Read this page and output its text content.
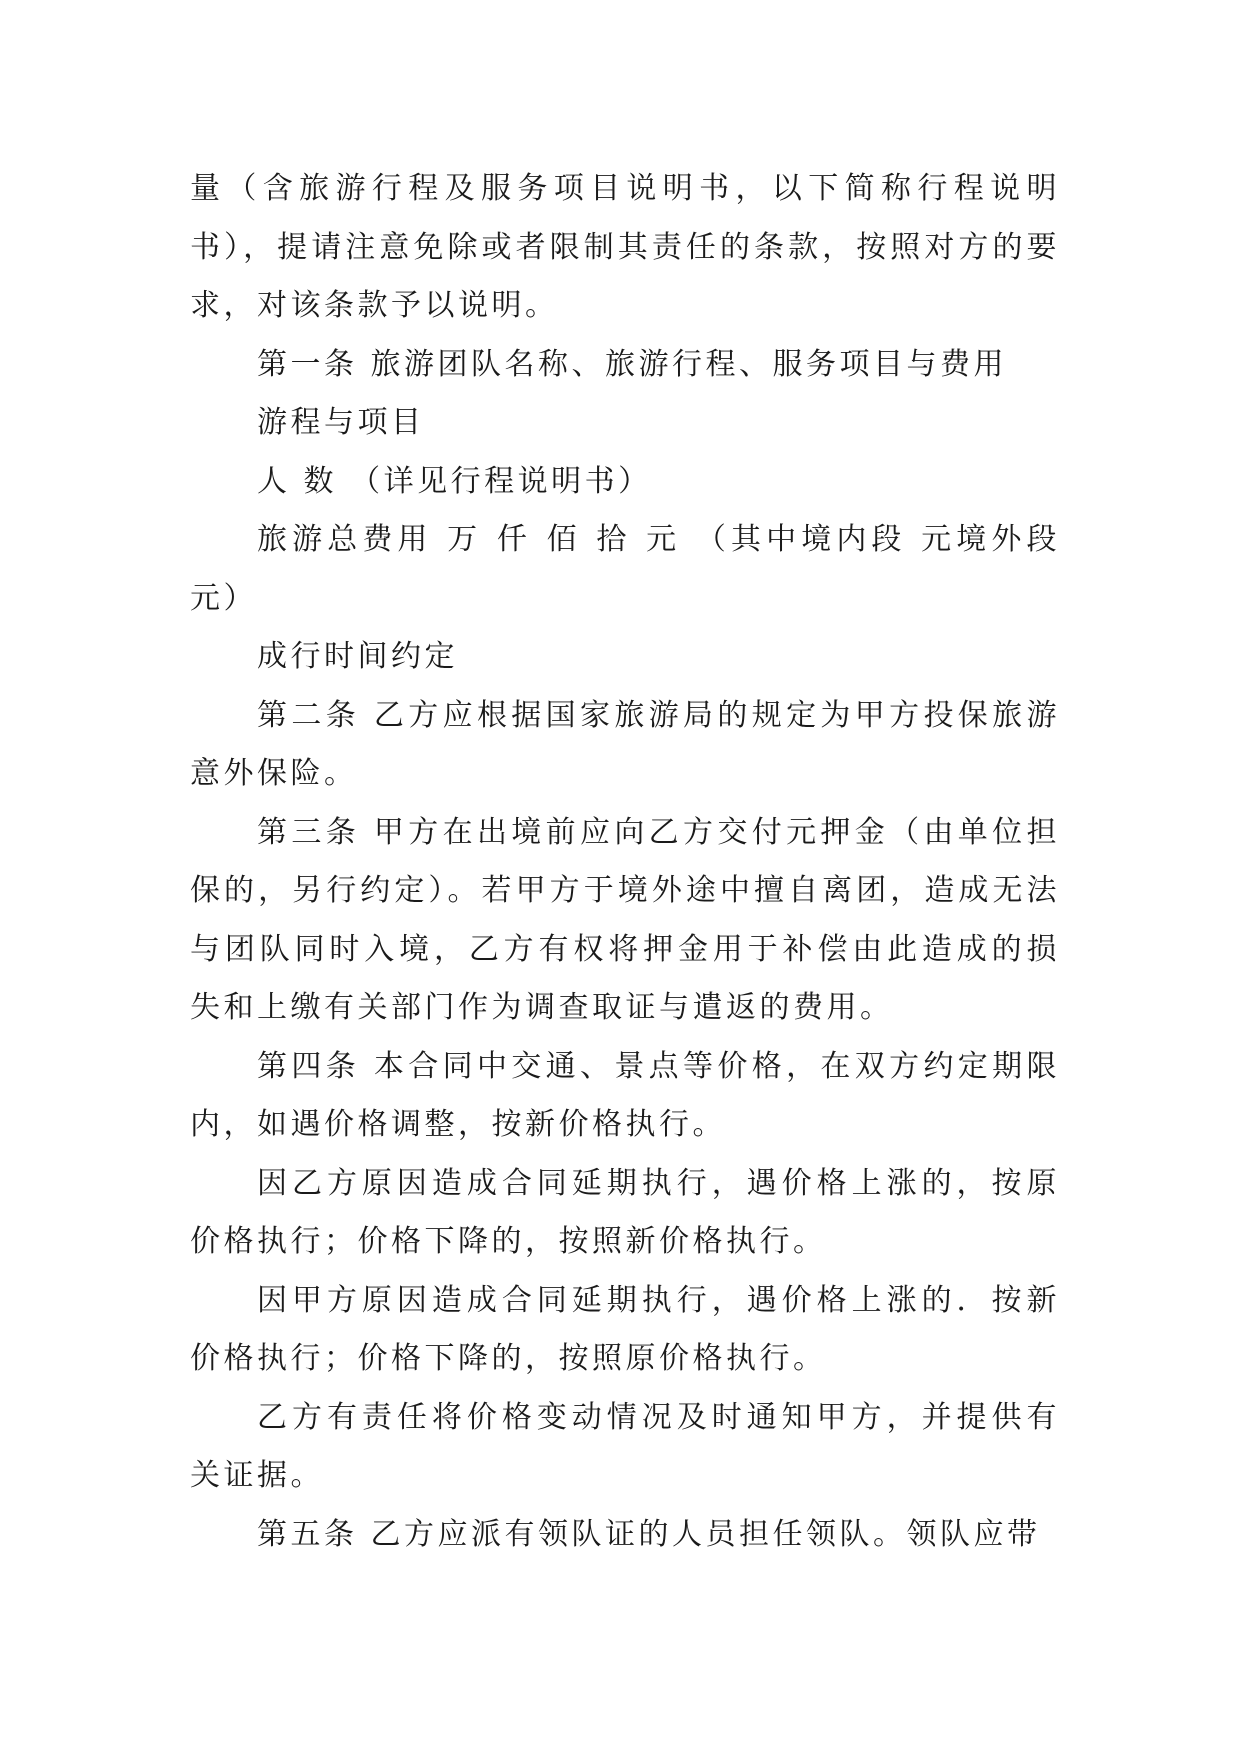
量（含旅游行程及服务项目说明书，以下简称行程说明书），提请注意免除或者限制其责任的条款，按照对方的要求，对该条款予以说明。

第一条 旅游团队名称、旅游行程、服务项目与费用

游程与项目

人 数 （详见行程说明书）

旅游总费用 万 仟 佰 拾 元 （其中境内段 元境外段元）

成行时间约定

第二条 乙方应根据国家旅游局的规定为甲方投保旅游意外保险。

第三条 甲方在出境前应向乙方交付元押金（由单位担保的，另行约定）。若甲方于境外途中擅自离团，造成无法与团队同时入境，乙方有权将押金用于补偿由此造成的损失和上缴有关部门作为调查取证与遣返的费用。

第四条 本合同中交通、景点等价格，在双方约定期限内，如遇价格调整，按新价格执行。

因乙方原因造成合同延期执行，遇价格上涨的，按原价格执行；价格下降的，按照新价格执行。

因甲方原因造成合同延期执行，遇价格上涨的．按新价格执行；价格下降的，按照原价格执行。

乙方有责任将价格变动情况及时通知甲方，并提供有关证据。

第五条 乙方应派有领队证的人员担任领队。领队应带
